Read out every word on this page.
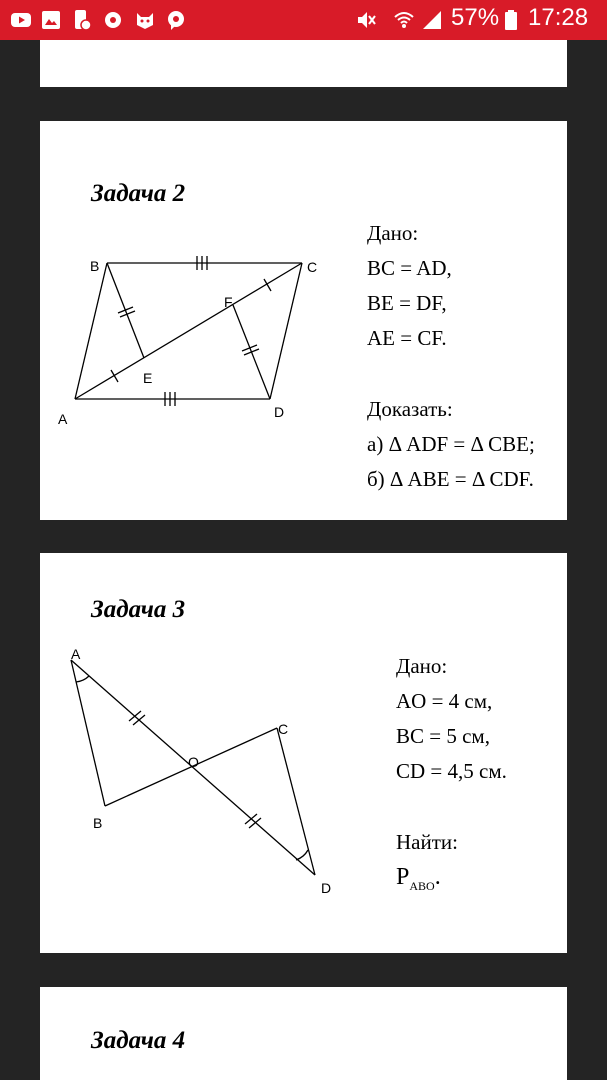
57% 17:28
Задача 2
B	C
F
E
A	D
Дано:
BC = AD,
BE = DF,
AE = CF.
Доказать:
а) Δ ADF = Δ CBE;
б) Δ ABE = Δ CDF.
Задача 3
A
C
O
B
D
Дано:
AO = 4 см,
BC = 5 см,
CD = 4,5 см.
Найти:
$P_{ABO}$.
Задача 4
